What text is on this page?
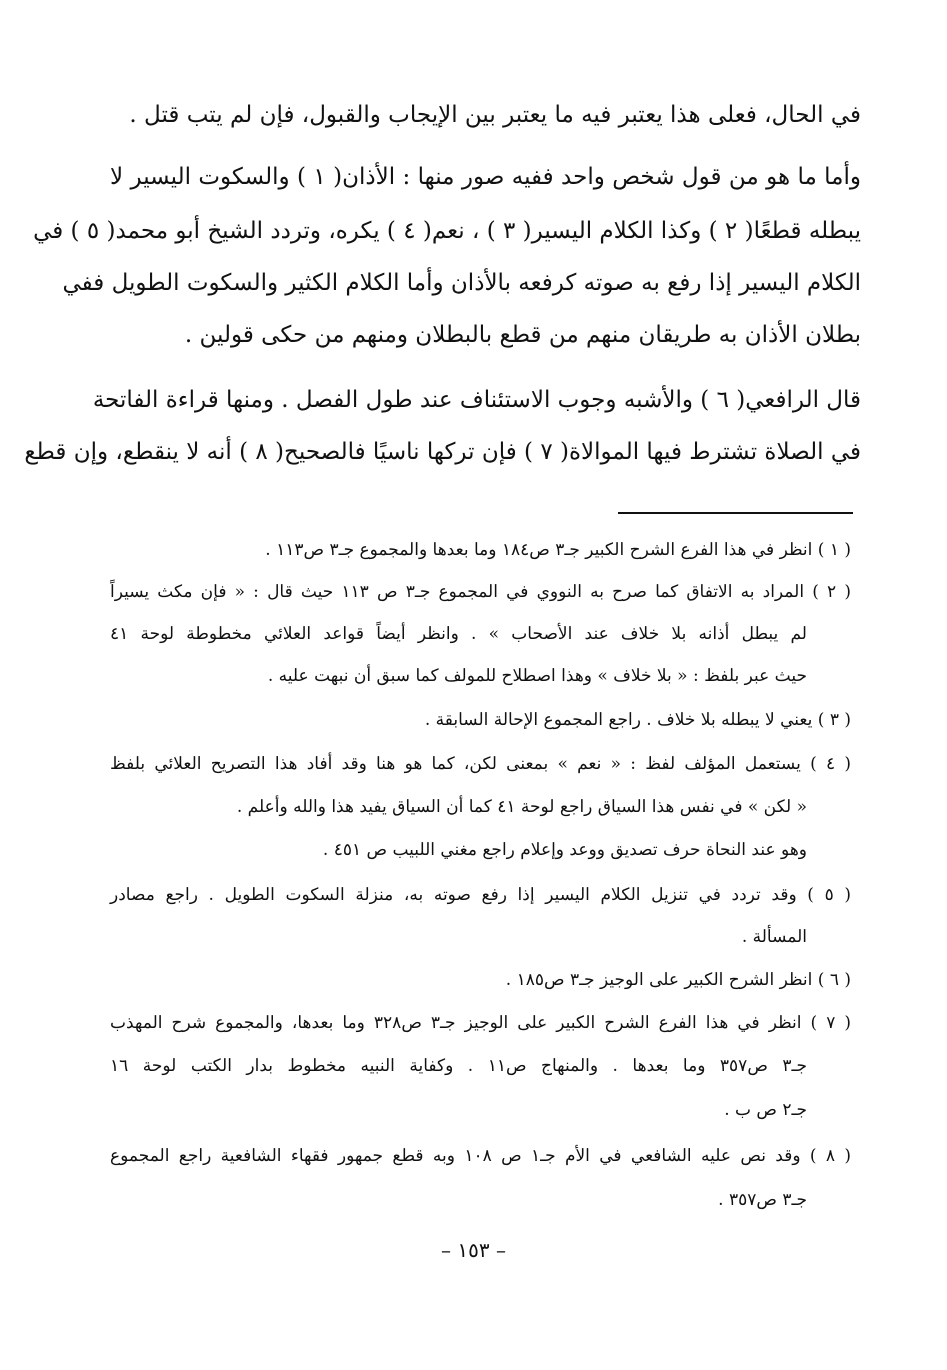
في الحال، فعلى هذا يعتبر فيه ما يعتبر بين الإيجاب والقبول، فإن لم يتب قتل .
وأما ما هو من قول شخص واحد ففيه صور منها : الأذان( ١ ) والسكوت اليسير لا
يبطله قطعًا( ٢ ) وكذا الكلام اليسير( ٣ ) ، نعم( ٤ ) يكره، وتردد الشيخ أبو محمد( ٥ ) في
الكلام اليسير إذا رفع به صوته كرفعه بالأذان وأما الكلام الكثير والسكوت الطويل ففي
بطلان الأذان به طريقان منهم من قطع بالبطلان ومنهم من حكى قولين .
قال الرافعي( ٦ ) والأشبه وجوب الاستئناف عند طول الفصل . ومنها قراءة الفاتحة
في الصلاة تشترط فيها الموالاة( ٧ ) فإن تركها ناسيًا فالصحيح( ٨ ) أنه لا ينقطع، وإن قطع
( ١ ) انظر في هذا الفرع الشرح الكبير جـ٣ ص١٨٤ وما بعدها والمجموع جـ٣ ص١١٣ .
( ٢ ) المراد به الاتفاق كما صرح به النووي في المجموع جـ٣ ص ١١٣ حيث قال : « فإن مكث يسيراً
لم يبطل أذانه بلا خلاف عند الأصحاب » . وانظر أيضاً قواعد العلائي مخطوطة لوحة ٤١
حيث عبر بلفظ : « بلا خلاف » وهذا اصطلاح للمولف كما سبق أن نبهت عليه .
( ٣ ) يعني لا يبطله بلا خلاف . راجع المجموع الإحالة السابقة .
( ٤ ) يستعمل المؤلف لفظ : « نعم » بمعنى لكن، كما هو هنا وقد أفاد هذا التصريح العلائي بلفظ
« لكن » في نفس هذا السياق راجع لوحة ٤١ كما أن السياق يفيد هذا والله وأعلم .
وهو عند النحاة حرف تصديق ووعد وإعلام راجع مغني اللبيب ص ٤٥١ .
( ٥ ) وقد تردد في تنزيل الكلام اليسير إذا رفع صوته به، منزلة السكوت الطويل . راجع مصادر
المسألة .
( ٦ ) انظر الشرح الكبير على الوجيز جـ٣ ص١٨٥ .
( ٧ ) انظر في هذا الفرع الشرح الكبير على الوجيز جـ٣ ص٣٢٨ وما بعدها، والمجموع شرح المهذب
جـ٣ ص٣٥٧ وما بعدها . والمنهاج ص١١ . وكفاية النبيه مخطوط بدار الكتب لوحة ١٦
جـ٢ ص ب .
( ٨ ) وقد نص عليه الشافعي في الأم جـ١ ص ١٠٨ وبه قطع جمهور فقهاء الشافعية راجع المجموع
جـ٣ ص٣٥٧ .
– ١٥٣ –
